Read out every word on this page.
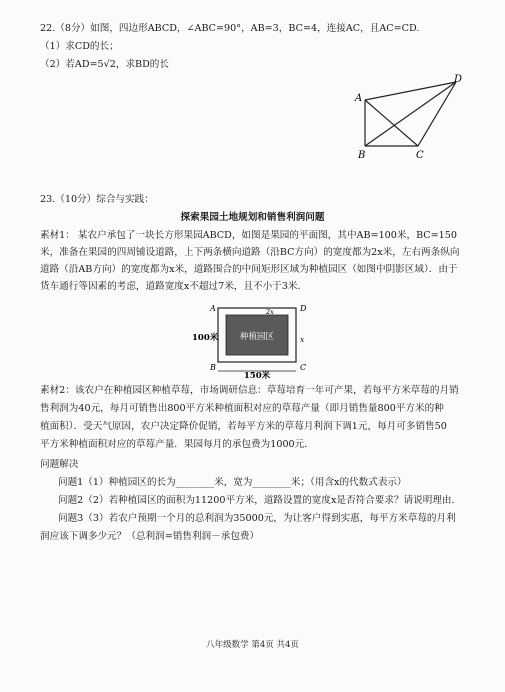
22.（8分）如图，四边形ABCD，∠ABC=90°，AB=3，BC=4，连接AC，且AC=CD.
（1）求CD的长；
（2）若AD=5√2，求BD的长
A
B	C
D
23.（10分）综合与实践：
探索果园土地规划和销售利润问题
素材1： 某农户承包了一块长方形果园ABCD，如图是果园的平面图，其中AB=100米，BC=150
米，准备在果园的四周铺设道路，上下两条横向道路（沿BC方向）的宽度都为2x米，左右两条纵向
道路（沿AB方向）的宽度都为x米，道路围合的中间矩形区域为种植园区（如图中阴影区域）．由于
货车通行等因素的考虑，道路宽度x不超过7米，且不小于3米．
种植园区
2x
x
A	D
B	C
100米
150米
素材2：该农户在种植园区种植草莓，市场调研信息：草莓培育一年可产果，若每平方米草莓的月销
售利润为40元，每月可销售出800平方米种植面积对应的草莓产量（即月销售量800平方米的种
植面积）．受天气原因，农户决定降价促销，若每平方米的草莓月利润下调1元，每月可多销售50
平方米种植面积对应的草莓产量．果园每月的承包费为1000元．
问题解决
问题1（1）种植园区的长为________米，宽为________米；（用含x的代数式表示）
问题2（2）若种植园区的面积为11200平方米，道路设置的宽度x是否符合要求？请说明理由．
问题3（3）若农户预期一个月的总利润为35000元，为让客户得到实惠，每平方米草莓的月利
润应该下调多少元？（总利润=销售利润－承包费）
八年级数学 第4页 共4页
